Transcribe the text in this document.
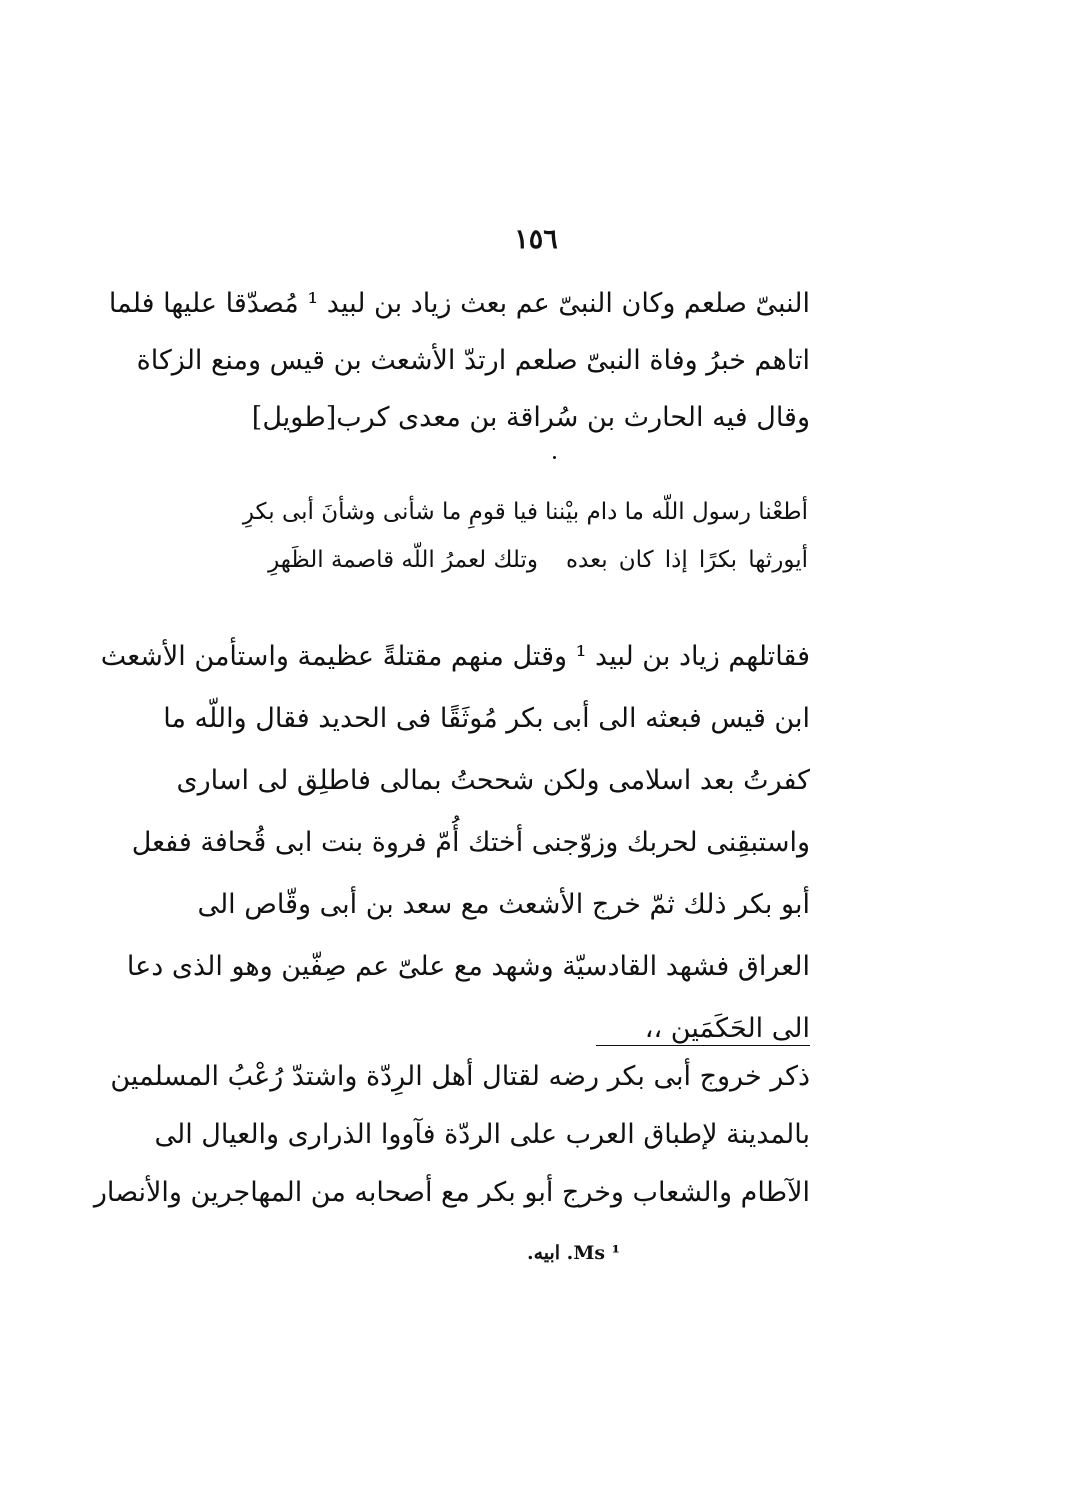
١٥٦
النبىّ صلعم وكان النبىّ عم بعث زياد بن لبيد ¹ مُصدّقا عليها فلما
اتاهم خبرُ وفاة النبىّ صلعم ارتدّ الأشعث بن قيس ومنع الزكاة
وقال فيه الحارث بن سُراقة بن معدى كرب
[طويل]
أطعْنا رسول اللّه ما دام بيْننا
فيا قومِ ما شأنى وشأنَ أبى بكرِ
أيورثها بكرًا إذا كان بعده
وتلك لعمرُ اللّه قاصمة الظَهرِ
فقاتلهم زياد بن لبيد ¹ وقتل منهم مقتلةً عظيمة واستأمن الأشعث
ابن قيس فبعثه الى أبى بكر مُوثَقًا فى الحديد فقال واللّه ما
كفرتُ بعد اسلامى ولكن شححتُ بمالى فاطلِق لى اسارى
واستبقِنى لحربك وزوّجنى أختك أُمّ فروة بنت ابى قُحافة ففعل
أبو بكر ذلك ثمّ خرج الأشعث مع سعد بن أبى وقّاص الى
العراق فشهد القادسيّة وشهد مع علىّ عم صِفّين وهو الذى دعا
الى الحَكَمَين ،،
ذكر خروج أبى بكر رضه لقتال أهل الرِدّة واشتدّ رُعْبُ المسلمين
بالمدينة لإطباق العرب على الردّة فآووا الذرارى والعيال الى
الآطام والشعاب وخرج أبو بكر مع أصحابه من المهاجرين والأنصار
¹ Ms. ابيه.
